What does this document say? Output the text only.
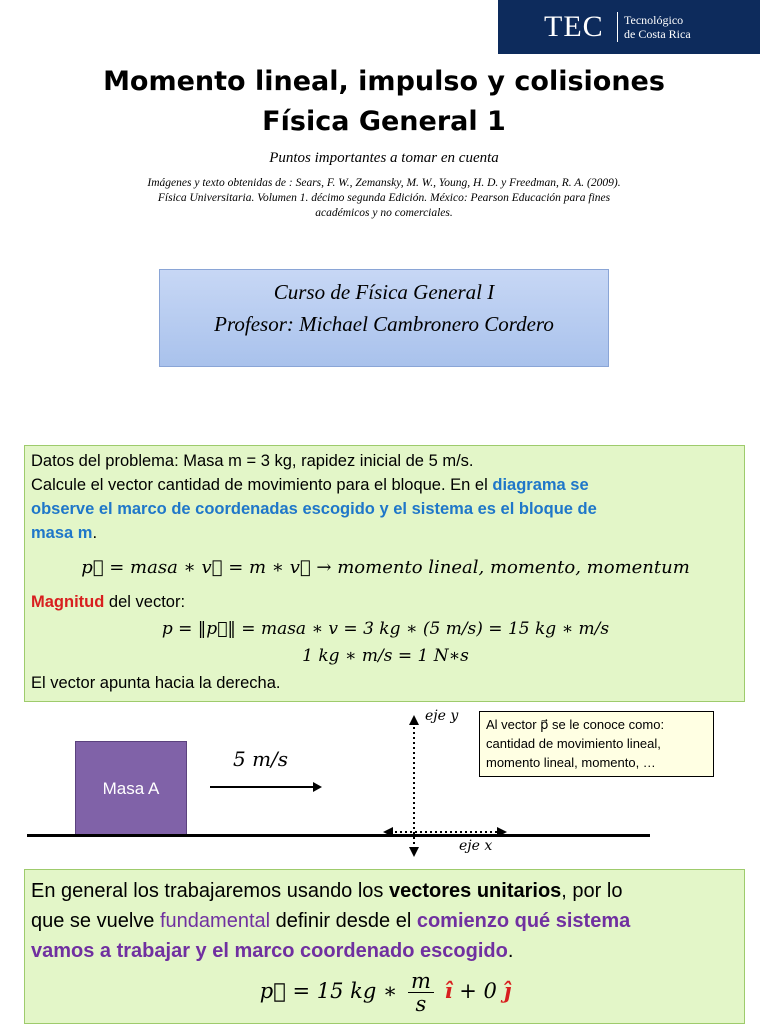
TEC Tecnológico
de Costa Rica
Momento lineal, impulso y colisiones
Física General 1
Puntos importantes a tomar en cuenta
Imágenes y texto obtenidas de : Sears, F. W., Zemansky, M. W., Young, H. D. y Freedman, R. A. (2009).
Física Universitaria. Volumen 1. décimo segunda Edición. México: Pearson Educación para fines
académicos y no comerciales.
Curso de Física General I
Profesor: Michael Cambronero Cordero
Datos del problema: Masa m = 3 kg, rapidez inicial de 5 m/s.
Calcule el vector cantidad de movimiento para el bloque. En el diagrama se
observe el marco de coordenadas escogido y el sistema es el bloque de
masa m.
p⃗ = masa ∗ v⃗ = m ∗ v⃗ → momento lineal, momento, momentum
Magnitud del vector:
p = ‖p⃗‖ = masa ∗ v = 3 kg ∗ (5 m/s) = 15 kg ∗ m/s
1 kg ∗ m/s = 1 N∗s
El vector apunta hacia la derecha.
Masa A
5 m/s
eje y
eje x
Al vector p⃗ se le conoce como:
cantidad de movimiento lineal,
momento lineal, momento, …
En general los trabajaremos usando los vectores unitarios, por lo
que se vuelve fundamental definir desde el comienzo qué sistema
vamos a trabajar y el marco coordenado escogido.
p⃗ = 15 kg ∗ $\frac{m}{s}$ î + 0 ĵ
